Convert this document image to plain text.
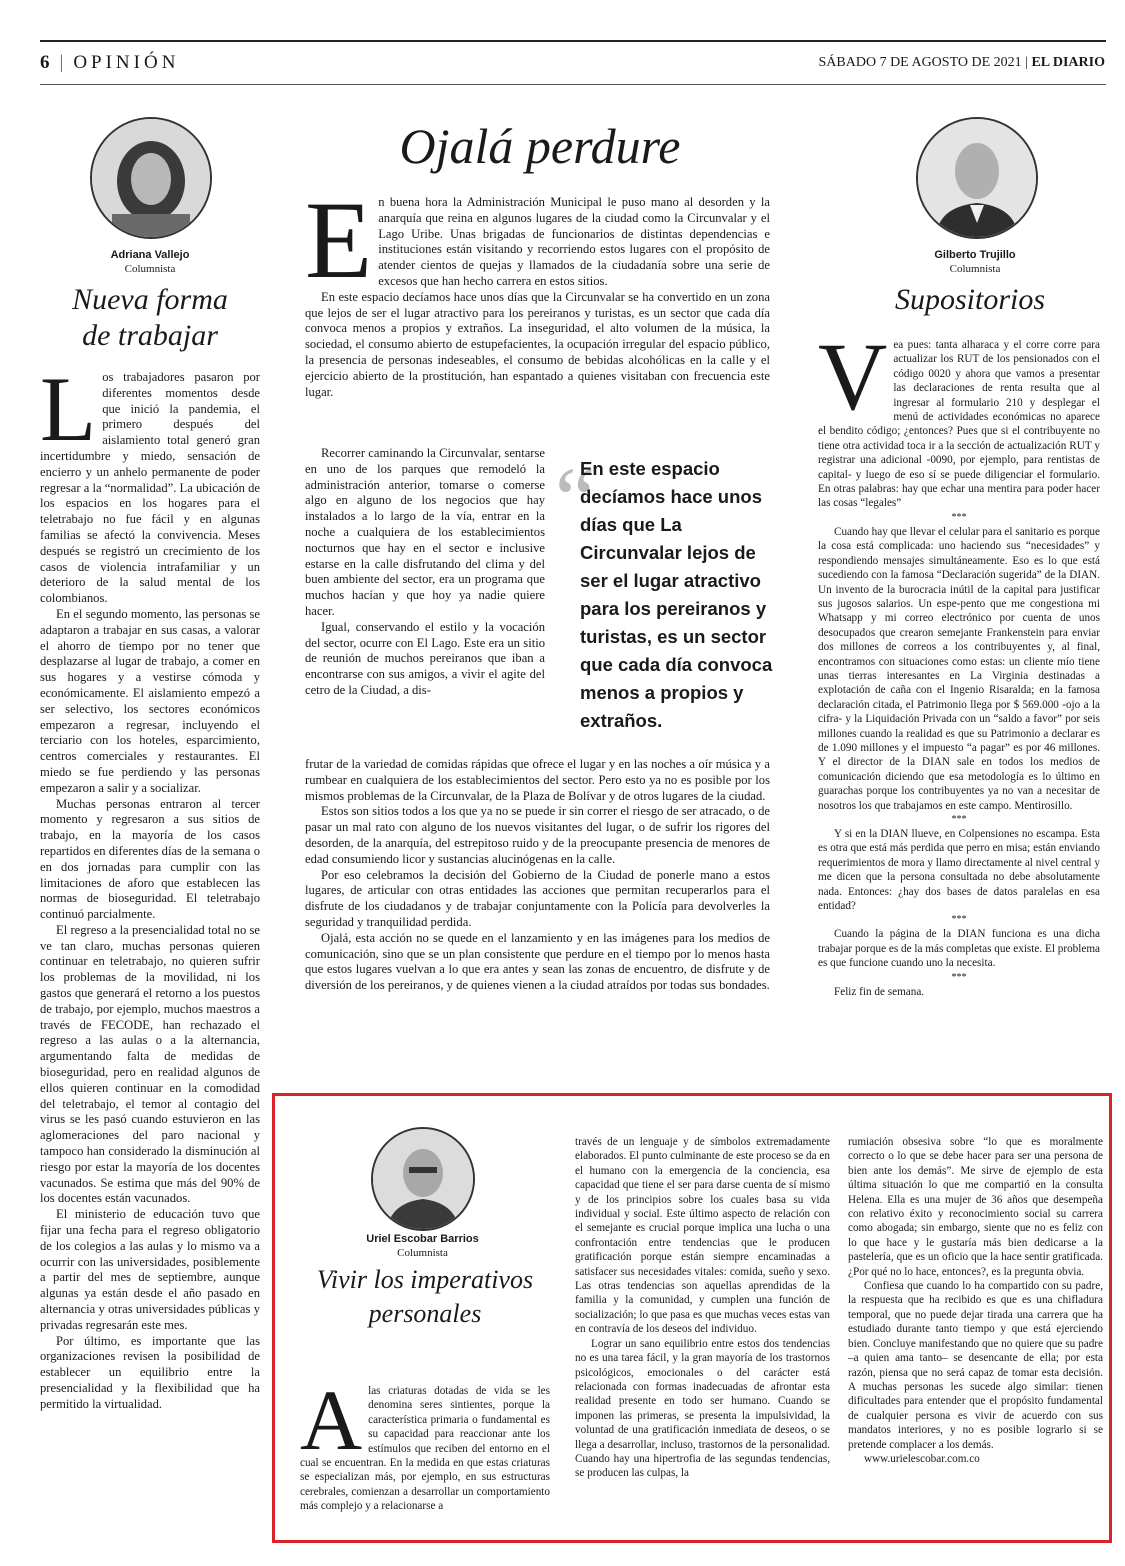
6 | OPINIÓN	SÁBADO 7 DE AGOSTO DE 2021 | EL DIARIO
Adriana Vallejo
Columnista
Nueva forma
de trabajar

Los trabajadores pasaron por diferentes momentos desde que inició la pandemia, el primero después del aislamiento total generó gran incertidumbre y miedo, sensación de encierro y un anhelo permanente de poder regresar a la “normalidad”. La ubicación de los espacios en los hogares para el teletrabajo no fue fácil y en algunas familias se afectó la convivencia. Meses después se registró un crecimiento de los casos de violencia intrafamiliar y un deterioro de la salud mental de los colombianos.

En el segundo momento, las personas se adaptaron a trabajar en sus casas, a valorar el ahorro de tiempo por no tener que desplazarse al lugar de trabajo, a comer en sus hogares y a vestirse cómoda y económicamente. El aislamiento empezó a ser selectivo, los sectores económicos empezaron a regresar, incluyendo el terciario con los hoteles, esparcimiento, centros comerciales y restaurantes. El miedo se fue perdiendo y las personas empezaron a salir y a socializar.

Muchas personas entraron al tercer momento y regresaron a sus sitios de trabajo, en la mayoría de los casos repartidos en diferentes días de la semana o en dos jornadas para cumplir con las limitaciones de aforo que establecen las normas de bioseguridad. El teletrabajo continuó parcialmente.

El regreso a la presencialidad total no se ve tan claro, muchas personas quieren continuar en teletrabajo, no quieren sufrir los problemas de la movilidad, ni los gastos que generará el retorno a los puestos de trabajo, por ejemplo, muchos maestros a través de FECODE, han rechazado el regreso a las aulas o a la alternancia, argumentando falta de medidas de bioseguridad, pero en realidad algunos de ellos quieren continuar en la comodidad del teletrabajo, el temor al contagio del virus se les pasó cuando estuvieron en las aglomeraciones del paro nacional y tampoco han considerado la disminución al riesgo por estar la mayoría de los docentes vacunados. Se estima que más del 90% de los docentes están vacunados.

El ministerio de educación tuvo que fijar una fecha para el regreso obligatorio de los colegios a las aulas y lo mismo va a ocurrir con las universidades, posiblemente a partir del mes de septiembre, aunque algunas ya están desde el año pasado en alternancia y otras universidades públicas y privadas regresarán este mes.

Por último, es importante que las organizaciones revisen la posibilidad de establecer un equilibrio entre la presencialidad y la flexibilidad que ha permitido la virtualidad.

Ojalá perdure

En buena hora la Administración Municipal le puso mano al desorden y la anarquía que reina en algunos lugares de la ciudad como la Circunvalar y el Lago Uribe. Unas brigadas de funcionarios de distintas dependencias e instituciones están visitando y recorriendo estos lugares con el propósito de atender cientos de quejas y llamados de la ciudadanía sobre una serie de excesos que han hecho carrera en estos sitios.

En este espacio decíamos hace unos días que la Circunvalar se ha convertido en un zona que lejos de ser el lugar atractivo para los pereiranos y turistas, es un sector que cada día convoca menos a propios y extraños. La inseguridad, el alto volumen de la música, la sociedad, el consumo abierto de estupefacientes, la ocupación irregular del espacio público, la presencia de personas indeseables, el consumo de bebidas alcohólicas en la calle y el ejercicio abierto de la prostitución, han espantado a quienes visitaban con frecuencia este lugar.

Recorrer caminando la Circunvalar, sentarse en uno de los parques que remodeló la administración anterior, tomarse o comerse algo en alguno de los negocios que hay instalados a lo largo de la vía, entrar en la noche a cualquiera de los establecimientos nocturnos que hay en el sector e inclusive estarse en la calle disfrutando del clima y del buen ambiente del sector, era un programa que muchos hacían y que hoy ya nadie quiere hacer.

Igual, conservando el estilo y la vocación del sector, ocurre con El Lago. Este era un sitio de reunión de muchos pereiranos que iban a encontrarse con sus amigos, a vivir el agite del cetro de la Ciudad, a dis-

“
En este espacio decíamos hace unos días que La Circunvalar lejos de ser el lugar atractivo para los pereiranos y turistas, es un sector que cada día convoca menos a propios y extraños.

frutar de la variedad de comidas rápidas que ofrece el lugar y en las noches a oír música y a rumbear en cualquiera de los establecimientos del sector. Pero esto ya no es posible por los mismos problemas de la Circunvalar, de la Plaza de Bolívar y de otros lugares de la ciudad.

Estos son sitios todos a los que ya no se puede ir sin correr el riesgo de ser atracado, o de pasar un mal rato con alguno de los nuevos visitantes del lugar, o de sufrir los rigores del desorden, de la anarquía, del estrepitoso ruido y de la preocupante presencia de menores de edad consumiendo licor y sustancias alucinógenas en la calle.

Por eso celebramos la decisión del Gobierno de la Ciudad de ponerle mano a estos lugares, de articular con otras entidades las acciones que permitan recuperarlos para el disfrute de los ciudadanos y de trabajar conjuntamente con la Policía para devolverles la seguridad y tranquilidad perdida.

Ojalá, esta acción no se quede en el lanzamiento y en las imágenes para los medios de comunicación, sino que se un plan consistente que perdure en el tiempo por lo menos hasta que estos lugares vuelvan a lo que era antes y sean las zonas de encuentro, de disfrute y de diversión de los pereiranos, y de quienes vienen a la ciudad atraídos por todas sus bondades.

Gilberto Trujillo
Columnista
Supositorios

Vea pues: tanta alharaca y el corre corre para actualizar los RUT de los pensionados con el código 0020 y ahora que vamos a presentar las declaraciones de renta resulta que al ingresar al formulario 210 y desplegar el menú de actividades económicas no aparece el bendito código; ¿entonces? Pues que si el contribuyente no tiene otra actividad toca ir a la sección de actualización RUT y registrar una adicional -0090, por ejemplo, para rentistas de capital- y luego de eso sí se puede diligenciar el formulario. En otras palabras: hay que echar una mentira para poder hacer las cosas “legales”

***

Cuando hay que llevar el celular para el sanitario es porque la cosa está complicada: uno haciendo sus “necesidades” y respondiendo mensajes simultáneamente. Eso es lo que está sucediendo con la famosa “Declaración sugerida” de la DIAN. Un invento de la burocracia inútil de la capital para justificar sus jugosos salarios. Un espe-pento que me congestiona mi Whatsapp y mi correo electrónico por cuenta de unos desocupados que crearon semejante Frankenstein para enviar dos millones de correos a los contribuyentes y, al final, encontramos con situaciones como estas: un cliente mío tiene unas tierras interesantes en La Virginia destinadas a explotación de caña con el Ingenio Risaralda; en la famosa declaración citada, el Patrimonio llega por $ 569.000 -ojo a la cifra- y la Liquidación Privada con un “saldo a favor” por seis millones cuando la realidad es que su Patrimonio a declarar es de 1.090 millones y el impuesto “a pagar” es por 46 millones. Y el director de la DIAN sale en todos los medios de comunicación diciendo que esa metodología es lo último en guarachas porque los contribuyentes ya no van a necesitar de nosotros los que trabajamos en este campo. Mentirosillo.

***

Y si en la DIAN llueve, en Colpensiones no escampa. Esta es otra que está más perdida que perro en misa; están enviando requerimientos de mora y llamo directamente al nivel central y me dicen que la persona consultada no debe absolutamente nada. Entonces: ¿hay dos bases de datos paralelas en esa entidad?

***

Cuando la página de la DIAN funciona es una dicha trabajar porque es de la más completas que existe. El problema es que funcione cuando uno la necesita.

***

Feliz fin de semana.

Uriel Escobar Barrios
Columnista
Vivir los imperativos
personales

Alas criaturas dotadas de vida se les denomina seres sintientes, porque la característica primaria o fundamental es su capacidad para reaccionar ante los estímulos que reciben del entorno en el cual se encuentran. En la medida en que estas criaturas se especializan más, por ejemplo, en sus estructuras cerebrales, comienzan a desarrollar un comportamiento más complejo y a relacionarse a

través de un lenguaje y de símbolos extremadamente elaborados. El punto culminante de este proceso se da en el humano con la emergencia de la conciencia, esa capacidad que tiene el ser para darse cuenta de sí mismo y de los principios sobre los cuales basa su vida individual y social. Este último aspecto de relación con el semejante es crucial porque implica una lucha o una confrontación entre tendencias que le producen gratificación porque están siempre encaminadas a satisfacer sus necesidades vitales: comida, sueño y sexo. Las otras tendencias son aquellas aprendidas de la familia y la comunidad, y cumplen una función de socialización; lo que pasa es que muchas veces estas van en contravía de los deseos del individuo.

Lograr un sano equilibrio entre estos dos tendencias no es una tarea fácil, y la gran mayoría de los trastornos psicológicos, emocionales o del carácter está relacionada con formas inadecuadas de afrontar esta realidad presente en todo ser humano. Cuando se imponen las primeras, se presenta la impulsividad, la voluntad de una gratificación inmediata de deseos, o se llega a desarrollar, incluso, trastornos de la personalidad. Cuando hay una hipertrofia de las segundas tendencias, se producen las culpas, la

rumiación obsesiva sobre “lo que es moralmente correcto o lo que se debe hacer para ser una persona de bien ante los demás”. Me sirve de ejemplo de esta última situación lo que me compartió en la consulta Helena. Ella es una mujer de 36 años que desempeña con relativo éxito y reconocimiento social su carrera como abogada; sin embargo, siente que no es feliz con lo que hace y le gustaría más bien dedicarse a la pastelería, que es un oficio que la hace sentir gratificada. ¿Por qué no lo hace, entonces?, es la pregunta obvia.

Confiesa que cuando lo ha compartido con su padre, la respuesta que ha recibido es que es una chifladura temporal, que no puede dejar tirada una carrera que ha estudiado durante tanto tiempo y que está ejerciendo bien. Concluye manifestando que no quiere que su padre –a quien ama tanto– se desencante de ella; por esta razón, piensa que no será capaz de tomar esta decisión. A muchas personas les sucede algo similar: tienen dificultades para entender que el propósito fundamental de cualquier persona es vivir de acuerdo con sus mandatos interiores, y no es posible lograrlo si se pretende complacer a los demás.

www.urielescobar.com.co
